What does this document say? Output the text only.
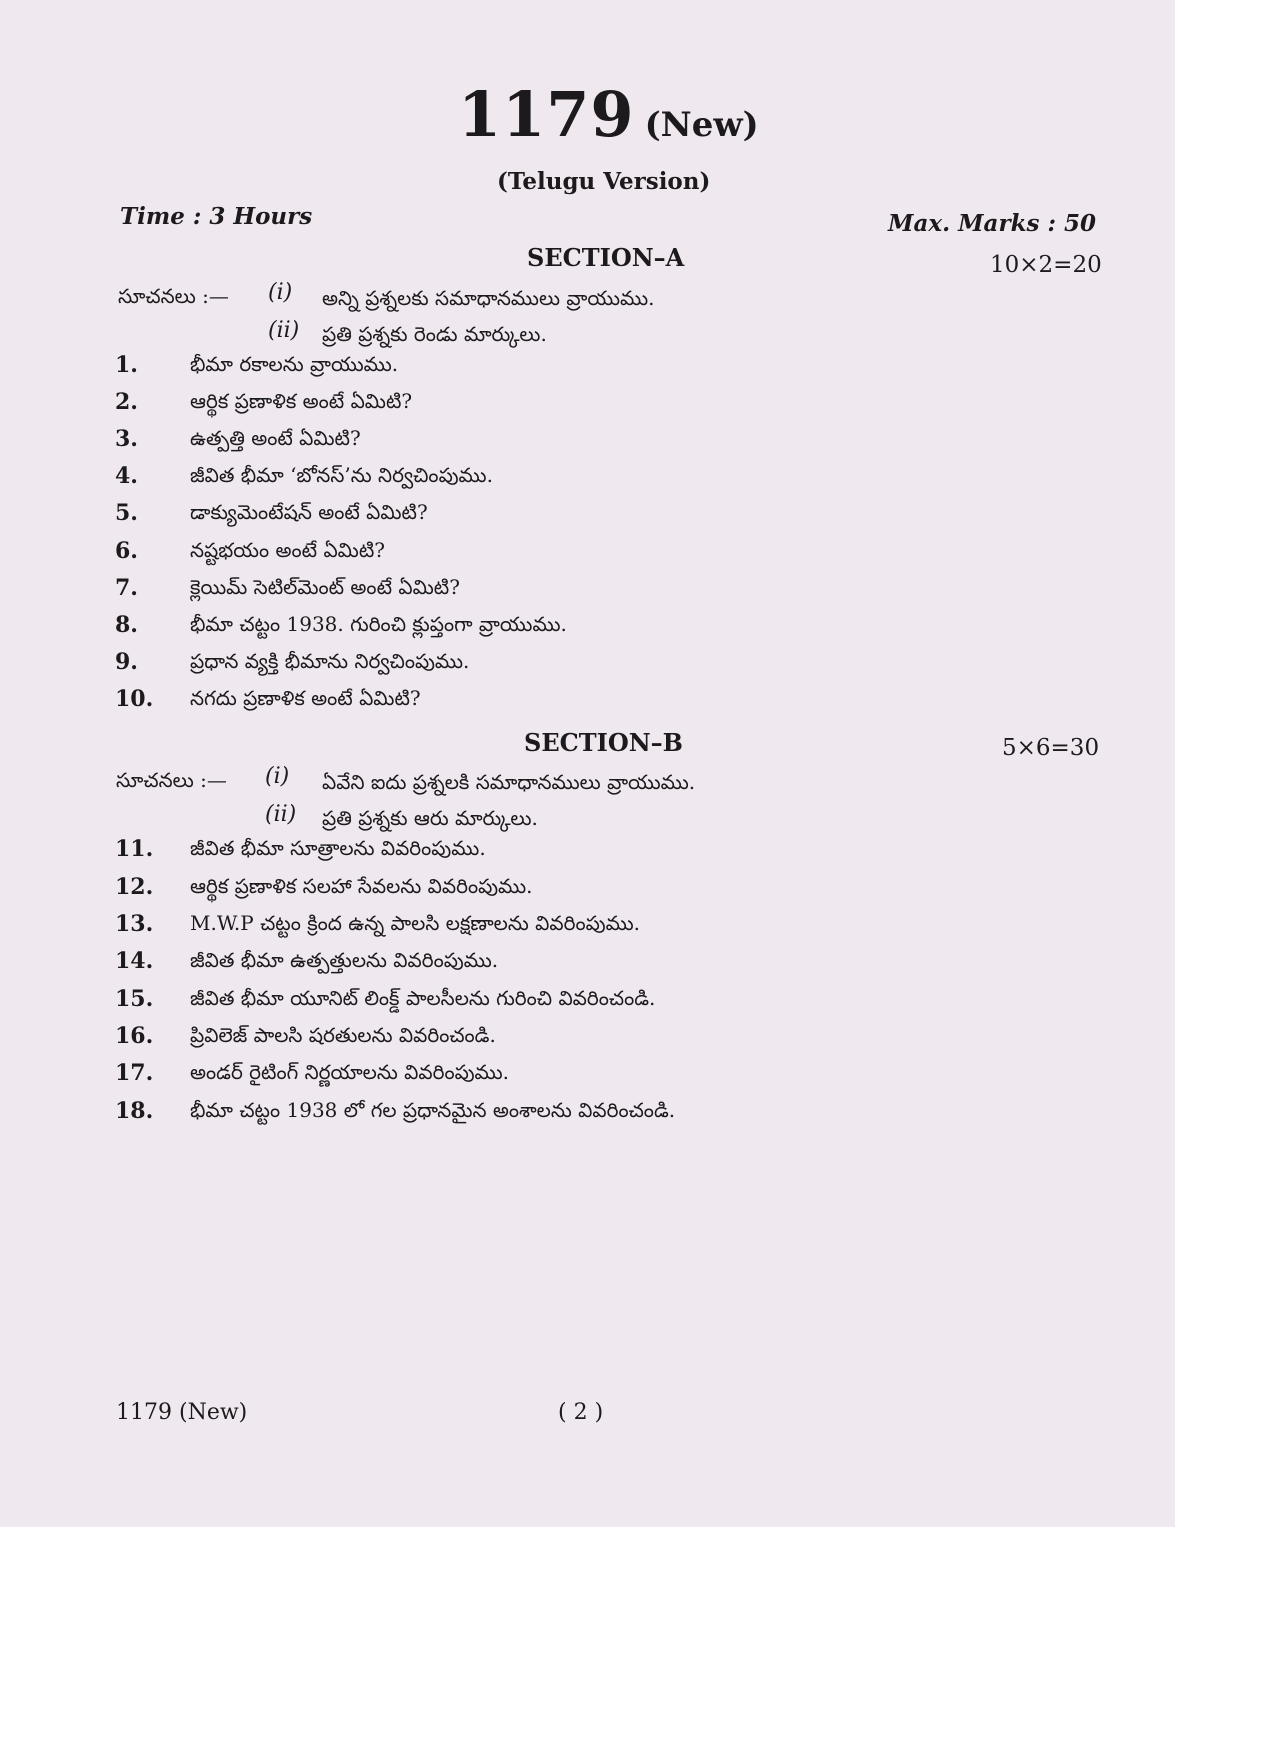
1179 (New)
(Telugu Version)
Time : 3 Hours	Max. Marks : 50
SECTION–A	10×2=20
సూచనలు :— (i) అన్ని ప్రశ్నలకు సమాధానములు వ్రాయుము.
(ii) ప్రతి ప్రశ్నకు రెండు మార్కులు.
1.	భీమా రకాలను వ్రాయుము.
2.	ఆర్థిక ప్రణాళిక అంటే ఏమిటి?
3.	ఉత్పత్తి అంటే ఏమిటి?
4.	జీవిత భీమా ‘బోనస్’ను నిర్వచింపుము.
5.	డాక్యుమెంటేషన్ అంటే ఏమిటి?
6.	నష్టభయం అంటే ఏమిటి?
7.	క్లెయిమ్ సెటిల్‌మెంట్ అంటే ఏమిటి?
8.	భీమా చట్టం 1938. గురించి క్లుప్తంగా వ్రాయుము.
9.	ప్రధాన వ్యక్తి భీమాను నిర్వచింపుము.
10. నగదు ప్రణాళిక అంటే ఏమిటి?
SECTION–B	5×6=30
సూచనలు :— (i) ఏవేని ఐదు ప్రశ్నలకి సమాధానములు వ్రాయుము.
(ii) ప్రతి ప్రశ్నకు ఆరు మార్కులు.
11. జీవిత భీమా సూత్రాలను వివరింపుము.
12. ఆర్థిక ప్రణాళిక సలహా సేవలను వివరింపుము.
13. M.W.P చట్టం క్రింద ఉన్న పాలసి లక్షణాలను వివరింపుము.
14. జీవిత భీమా ఉత్పత్తులను వివరింపుము.
15. జీవిత భీమా యూనిట్ లింక్డ్ పాలసీలను గురించి వివరించండి.
16. ప్రివిలెజ్ పాలసి షరతులను వివరించండి.
17. అండర్ రైటింగ్ నిర్ణయాలను వివరింపుము.
18. భీమా చట్టం 1938 లో గల ప్రధానమైన అంశాలను వివరించండి.
1179 (New)	( 2 )
